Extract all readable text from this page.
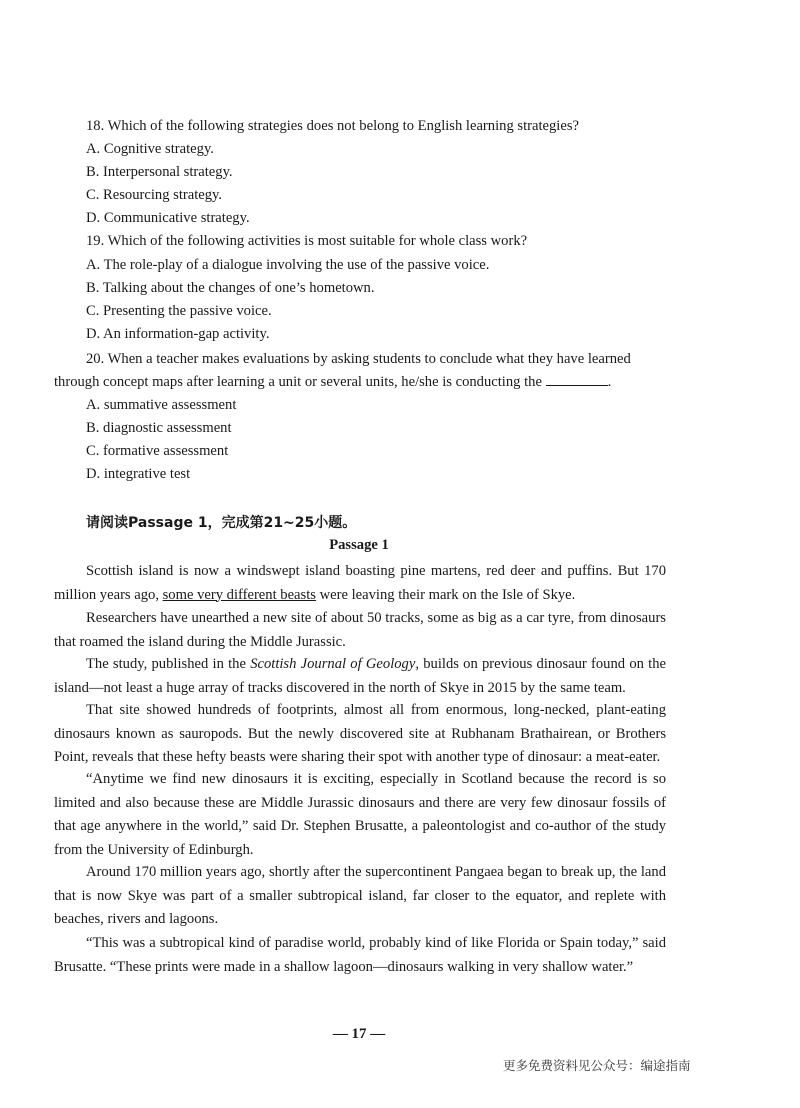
18. Which of the following strategies does not belong to English learning strategies?
A. Cognitive strategy.
B. Interpersonal strategy.
C. Resourcing strategy.
D. Communicative strategy.
19. Which of the following activities is most suitable for whole class work?
A. The role-play of a dialogue involving the use of the passive voice.
B. Talking about the changes of one’s hometown.
C. Presenting the passive voice.
D. An information-gap activity.
20. When a teacher makes evaluations by asking students to conclude what they have learned
through concept maps after learning a unit or several units, he/she is conducting the	.
A. summative assessment
B. diagnostic assessment
C. formative assessment
D. integrative test
请阅读Passage 1，完成第21~25小题。
Passage 1
Scottish island is now a windswept island boasting pine martens, red deer and puffins. But 170 million years ago, some very different beasts were leaving their mark on the Isle of Skye.
Researchers have unearthed a new site of about 50 tracks, some as big as a car tyre, from dinosaurs that roamed the island during the Middle Jurassic.
The study, published in the Scottish Journal of Geology, builds on previous dinosaur found on the island—not least a huge array of tracks discovered in the north of Skye in 2015 by the same team.
That site showed hundreds of footprints, almost all from enormous, long-necked, plant-eating dinosaurs known as sauropods. But the newly discovered site at Rubhanam Brathairean, or Brothers Point, reveals that these hefty beasts were sharing their spot with another type of dinosaur: a meat-eater.
“Anytime we find new dinosaurs it is exciting, especially in Scotland because the record is so limited and also because these are Middle Jurassic dinosaurs and there are very few dinosaur fossils of that age anywhere in the world,” said Dr. Stephen Brusatte, a paleontologist and co-author of the study from the University of Edinburgh.
Around 170 million years ago, shortly after the supercontinent Pangaea began to break up, the land that is now Skye was part of a smaller subtropical island, far closer to the equator, and replete with beaches, rivers and lagoons.
“This was a subtropical kind of paradise world, probably kind of like Florida or Spain today,” said Brusatte. “These prints were made in a shallow lagoon—dinosaurs walking in very shallow water.”
— 17 —
更多免费资料见公众号：编途指南
